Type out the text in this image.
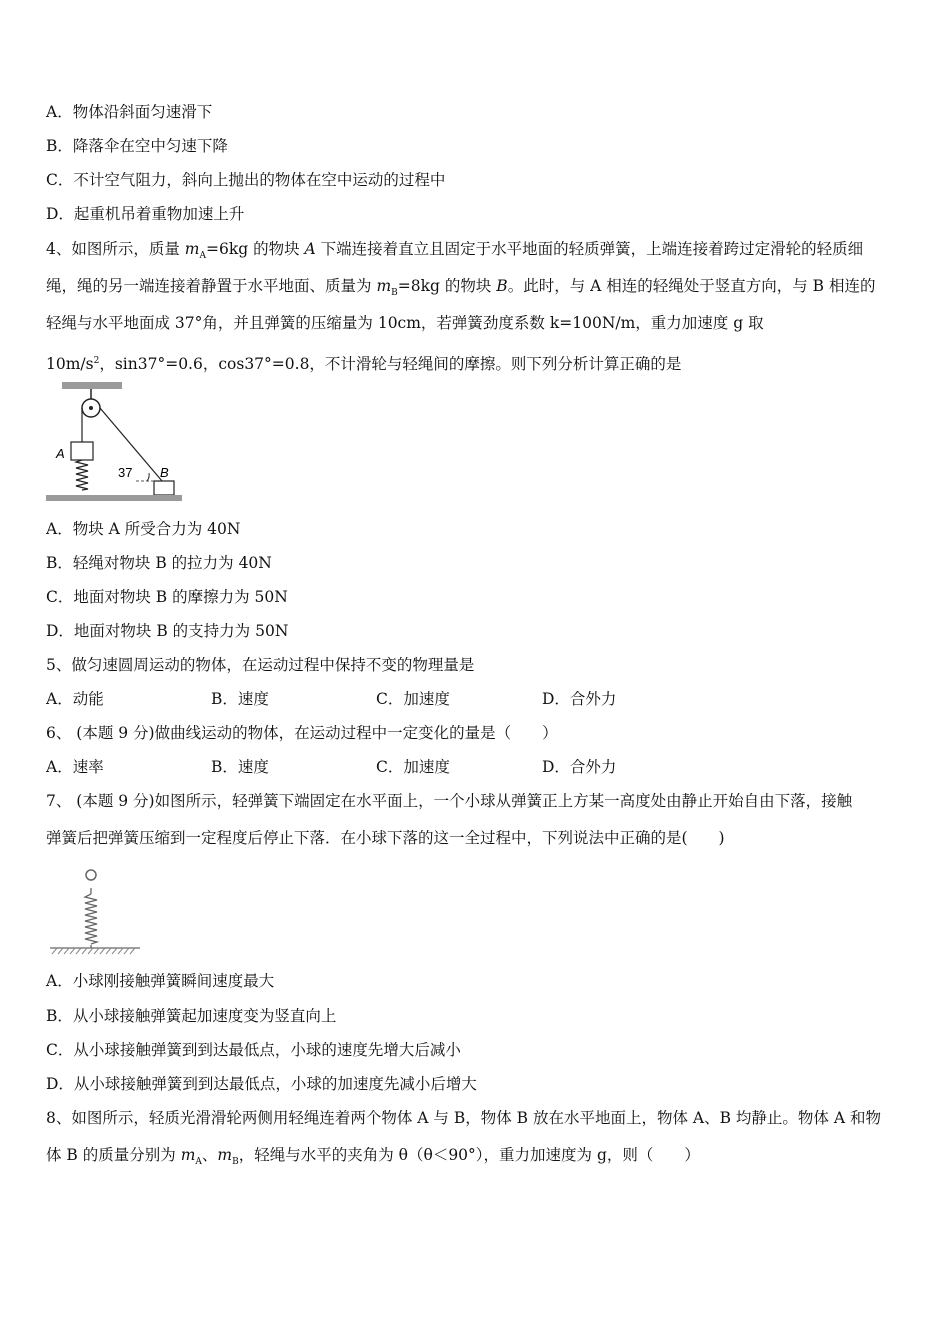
A．物体沿斜面匀速滑下
B．降落伞在空中匀速下降
C．不计空气阻力，斜向上抛出的物体在空中运动的过程中
D．起重机吊着重物加速上升
4、如图所示，质量 $m_A=6kg$ 的物块 A 下端连接着直立且固定于水平地面的轻质弹簧，上端连接着跨过定滑轮的轻质细
绳，绳的另一端连接着静置于水平地面、质量为 $m_B=8kg$ 的物块 B。此时，与 A 相连的轻绳处于竖直方向，与 B 相连的
轻绳与水平地面成 37°角，并且弹簧的压缩量为 10cm，若弹簧劲度系数 k=100N/m，重力加速度 g 取
$10m/s^2$，sin37°=0.6，cos37°=0.8，不计滑轮与轻绳间的摩擦。则下列分析计算正确的是
A
B
37
A．物块 A 所受合力为 40N
B．轻绳对物块 B 的拉力为 40N
C．地面对物块 B 的摩擦力为 50N
D．地面对物块 B 的支持力为 50N
5、做匀速圆周运动的物体，在运动过程中保持不变的物理量是
A．动能	B．速度	C．加速度	D．合外力
6、 (本题 9 分)做曲线运动的物体，在运动过程中一定变化的量是（　　）
A．速率	B．速度	C．加速度	D．合外力
7、 (本题 9 分)如图所示，轻弹簧下端固定在水平面上，一个小球从弹簧正上方某一高度处由静止开始自由下落，接触
弹簧后把弹簧压缩到一定程度后停止下落．在小球下落的这一全过程中，下列说法中正确的是(　　)
A．小球刚接触弹簧瞬间速度最大
B．从小球接触弹簧起加速度变为竖直向上
C．从小球接触弹簧到到达最低点，小球的速度先增大后减小
D．从小球接触弹簧到到达最低点，小球的加速度先减小后增大
8、如图所示，轻质光滑滑轮两侧用轻绳连着两个物体 A 与 B，物体 B 放在水平地面上，物体 A、B 均静止。物体 A 和物
体 B 的质量分别为 $m_A$、$m_B$，轻绳与水平的夹角为 θ（θ＜90°），重力加速度为 g，则（　　）
